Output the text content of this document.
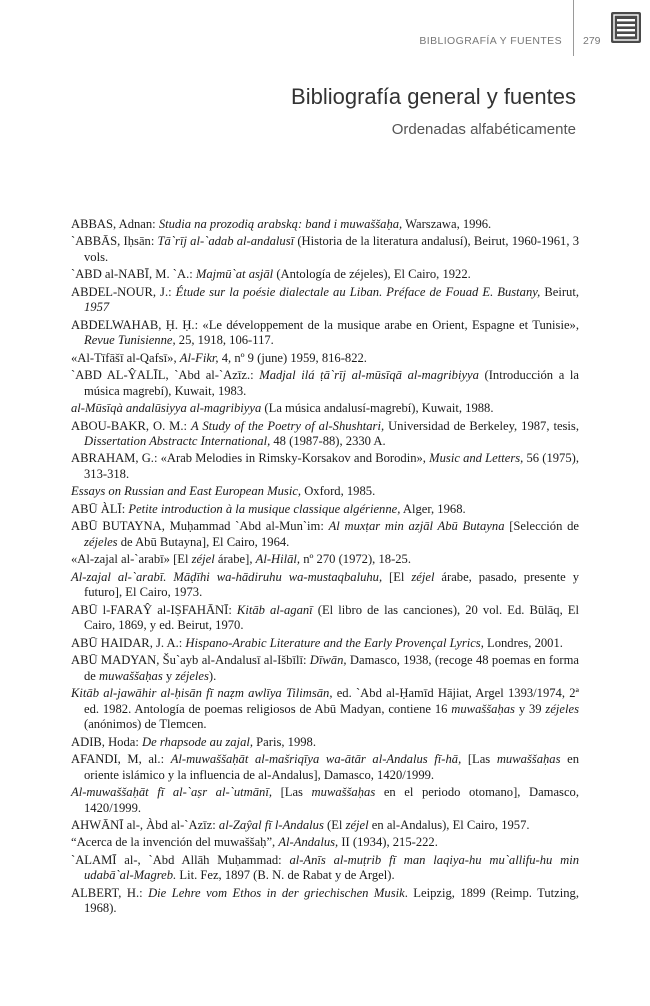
BIBLIOGRAFÍA Y FUENTES 279
Bibliografía general y fuentes
Ordenadas alfabéticamente
ABBAS, Adnan: Studia na prozodią arabską: band i muwaššaḥa, Warszawa, 1996.
`ABBĀS, Iḥsān: Tā`rīj al-`adab al-andalusī (Historia de la literatura andalusí), Beirut, 1960-1961, 3 vols.
`ABD al-NABĪ, M. `A.: Majmū`at asjāl (Antología de zéjeles), El Cairo, 1922.
ABDEL-NOUR, J.: Étude sur la poésie dialectale au Liban. Préface de Fouad E. Bustany, Beirut, 1957
ABDELWAHAB, Ḥ. Ḥ.: «Le développement de la musique arabe en Orient, Espagne et Tunisie», Revue Tunisienne, 25, 1918, 106-117.
«Al-Tīfāšī al-Qafsī», Al-Fikr, 4, nº 9 (june) 1959, 816-822.
`ABD AL-ŶALĪL, `Abd al-`Azīz.: Madjal ilá ṭā`rīj al-mūsīqā al-magribiyya (Introducción a la música magrebí), Kuwait, 1983.
al-Mūsīqà andalūsiyya al-magribiyya (La música andalusí-magrebí), Kuwait, 1988.
ABOU-BAKR, O. M.: A Study of the Poetry of al-Shushtari, Universidad de Berkeley, 1987, tesis, Dissertation Abstractc International, 48 (1987-88), 2330 A.
ABRAHAM, G.: «Arab Melodies in Rimsky-Korsakov and Borodin», Music and Letters, 56 (1975), 313-318.
Essays on Russian and East European Music, Oxford, 1985.
ABŪ ÀLĪ: Petite introduction à la musique classique algérienne, Alger, 1968.
ABŪ BUTAYNA, Muḥammad `Abd al-Mun`im: Al muxṭar min azjāl Abū Butayna [Selección de zéjeles de Abū Butayna], El Cairo, 1964.
«Al-zajal al-`arabī» [El zéjel árabe], Al-Hilāl, nº 270 (1972), 18-25.
Al-zajal al-`arabī. Māḍīhi wa-hādiruhu wa-mustaqbaluhu, [El zéjel árabe, pasado, presente y futuro], El Cairo, 1973.
ABŪ l-FARAŶ al-IṢFAHĀNĪ: Kitāb al-aganī (El libro de las canciones), 20 vol. Ed. Būlāq, El Cairo, 1869, y ed. Beirut, 1970.
ABŪ HAIDAR, J. A.: Hispano-Arabic Literature and the Early Provençal Lyrics, Londres, 2001.
ABŪ MADYAN, Šu`ayb al-Andalusī al-Išbīlī: Dīwān, Damasco, 1938, (recoge 48 poemas en forma de muwaššaḥas y zéjeles).
Kitāb al-jawāhir al-ḥisān fī naẓm awlīya Tilimsān, ed. `Abd al-Ḥamīd Hājiat, Argel 1393/1974, 2ª ed. 1982. Antología de poemas religiosos de Abū Madyan, contiene 16 muwaššaḥas y 39 zéjeles (anónimos) de Tlemcen.
ADIB, Hoda: De rhapsode au zajal, Paris, 1998.
AFANDI, M, al.: Al-muwaššaḥāt al-mašriqīya wa-ātār al-Andalus fī-hā, [Las muwaššaḥas en oriente islámico y la influencia de al-Andalus], Damasco, 1420/1999.
Al-muwaššaḥāt fī al-`aṣr al-`utmānī, [Las muwaššaḥas en el periodo otomano], Damasco, 1420/1999.
AHWĀNĪ al-, Àbd al-`Azīz: al-Zaŷal fī l-Andalus (El zéjel en al-Andalus), El Cairo, 1957.
“Acerca de la invención del muwaššaḥ”, Al-Andalus, II (1934), 215-222.
`ALAMĪ al-, `Abd Allāh Muḥammad: al-Anīs al-muṭrib fī man laqiya-hu mu`allifu-hu min udabā`al-Magreb. Lit. Fez, 1897 (B. N. de Rabat y de Argel).
ALBERT, H.: Die Lehre vom Ethos in der griechischen Musik. Leipzig, 1899 (Reimp. Tutzing, 1968).
